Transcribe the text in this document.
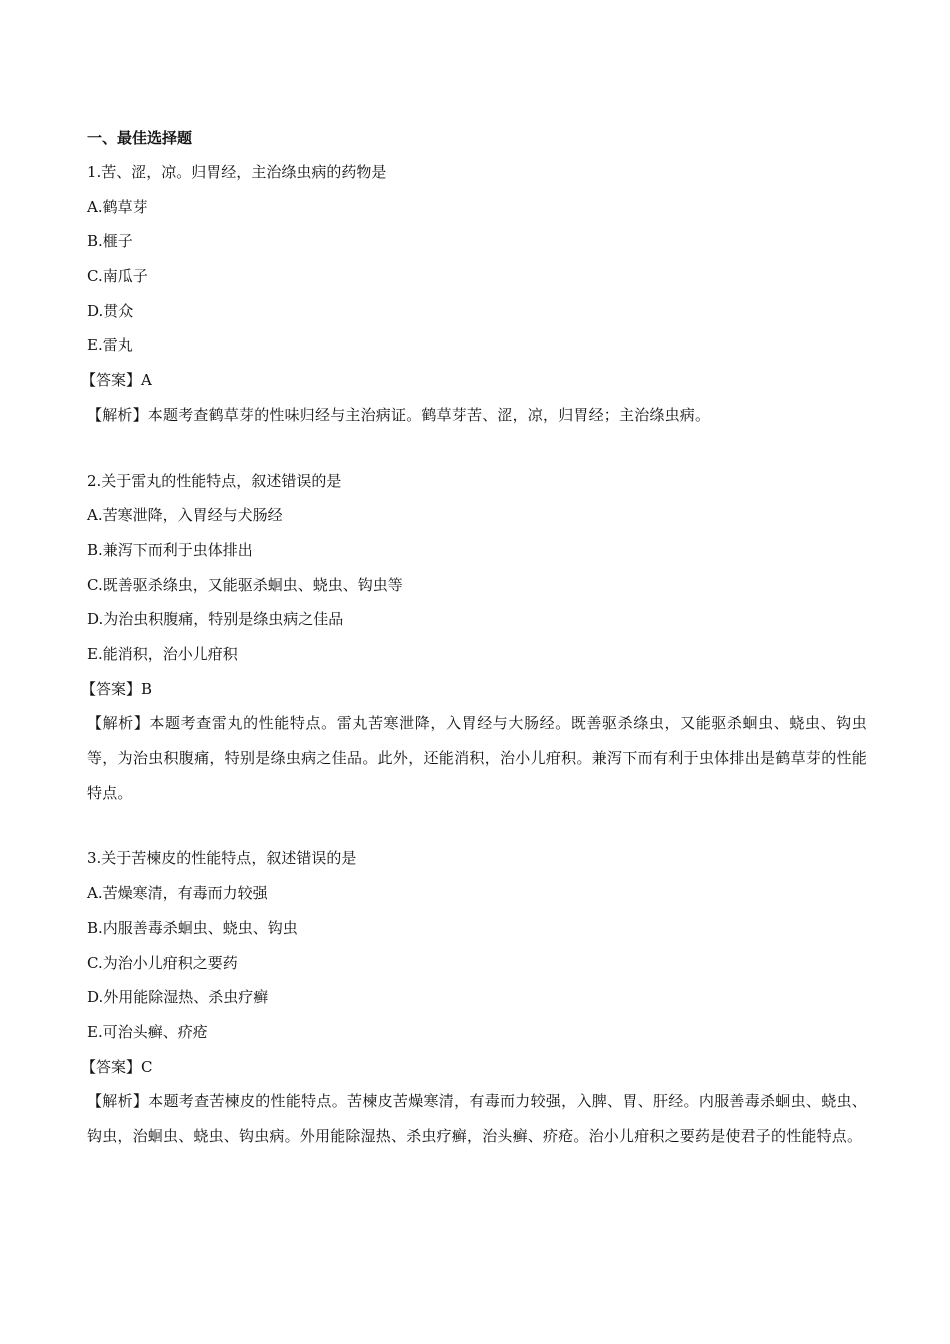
一、最佳选择题
1.苦、涩，凉。归胃经，主治绦虫病的药物是
A.鹤草芽
B.榧子
C.南瓜子
D.贯众
E.雷丸
【答案】A
【解析】本题考查鹤草芽的性味归经与主治病证。鹤草芽苦、涩，凉，归胃经；主治绦虫病。
2.关于雷丸的性能特点，叙述错误的是
A.苦寒泄降，入胃经与犬肠经
B.兼泻下而利于虫体排出
C.既善驱杀绦虫，又能驱杀蛔虫、蛲虫、钩虫等
D.为治虫积腹痛，特别是绦虫病之佳品
E.能消积，治小儿疳积
【答案】B
【解析】本题考查雷丸的性能特点。雷丸苦寒泄降，入胃经与大肠经。既善驱杀绦虫，又能驱杀蛔虫、蛲虫、钩虫等，为治虫积腹痛，特别是绦虫病之佳品。此外，还能消积，治小儿疳积。兼泻下而有利于虫体排出是鹤草芽的性能特点。
3.关于苦楝皮的性能特点，叙述错误的是
A.苦燥寒清，有毒而力较强
B.内服善毒杀蛔虫、蛲虫、钩虫
C.为治小儿疳积之要药
D.外用能除湿热、杀虫疗癣
E.可治头癣、疥疮
【答案】C
【解析】本题考查苦楝皮的性能特点。苦楝皮苦燥寒清，有毒而力较强，入脾、胃、肝经。内服善毒杀蛔虫、蛲虫、钩虫，治蛔虫、蛲虫、钩虫病。外用能除湿热、杀虫疗癣，治头癣、疥疮。治小儿疳积之要药是使君子的性能特点。
